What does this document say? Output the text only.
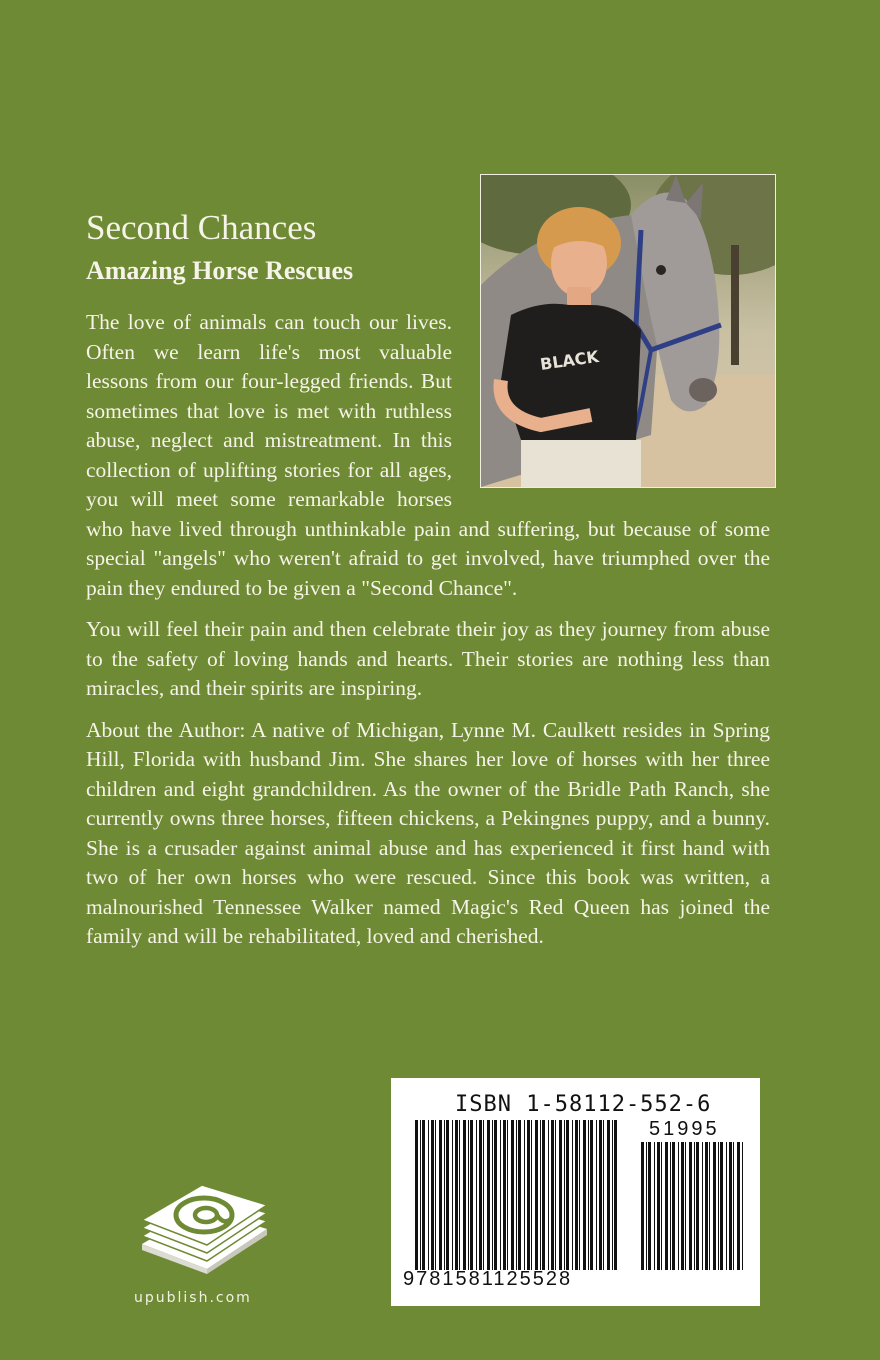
Second Chances
Amazing Horse Rescues
BLACK

The love of animals can touch our lives. Often we learn life's most valuable lessons from our four-legged friends. But sometimes that love is met with ruthless abuse, neglect and mistreatment. In this collection of uplifting stories for all ages, you will meet some remarkable horses who have lived through unthinkable pain and suffering, but because of some special "angels" who weren't afraid to get involved, have triumphed over the pain they endured to be given a "Second Chance".

You will feel their pain and then celebrate their joy as they journey from abuse to the safety of loving hands and hearts. Their stories are nothing less than miracles, and their spirits are inspiring.

About the Author: A native of Michigan, Lynne M. Caulkett resides in Spring Hill, Florida with husband Jim. She shares her love of horses with her three children and eight grandchildren. As the owner of the Bridle Path Ranch, she currently owns three horses, fifteen chickens, a Pekingnes puppy, and a bunny. She is a crusader against animal abuse and has experienced it first hand with two of her own horses who were rescued. Since this book was written, a malnourished Tennessee Walker named Magic's Red Queen has joined the family and will be rehabilitated, loved and cherished.

ISBN 1-58112-552-6
51995
9781581125528
upublish.com
